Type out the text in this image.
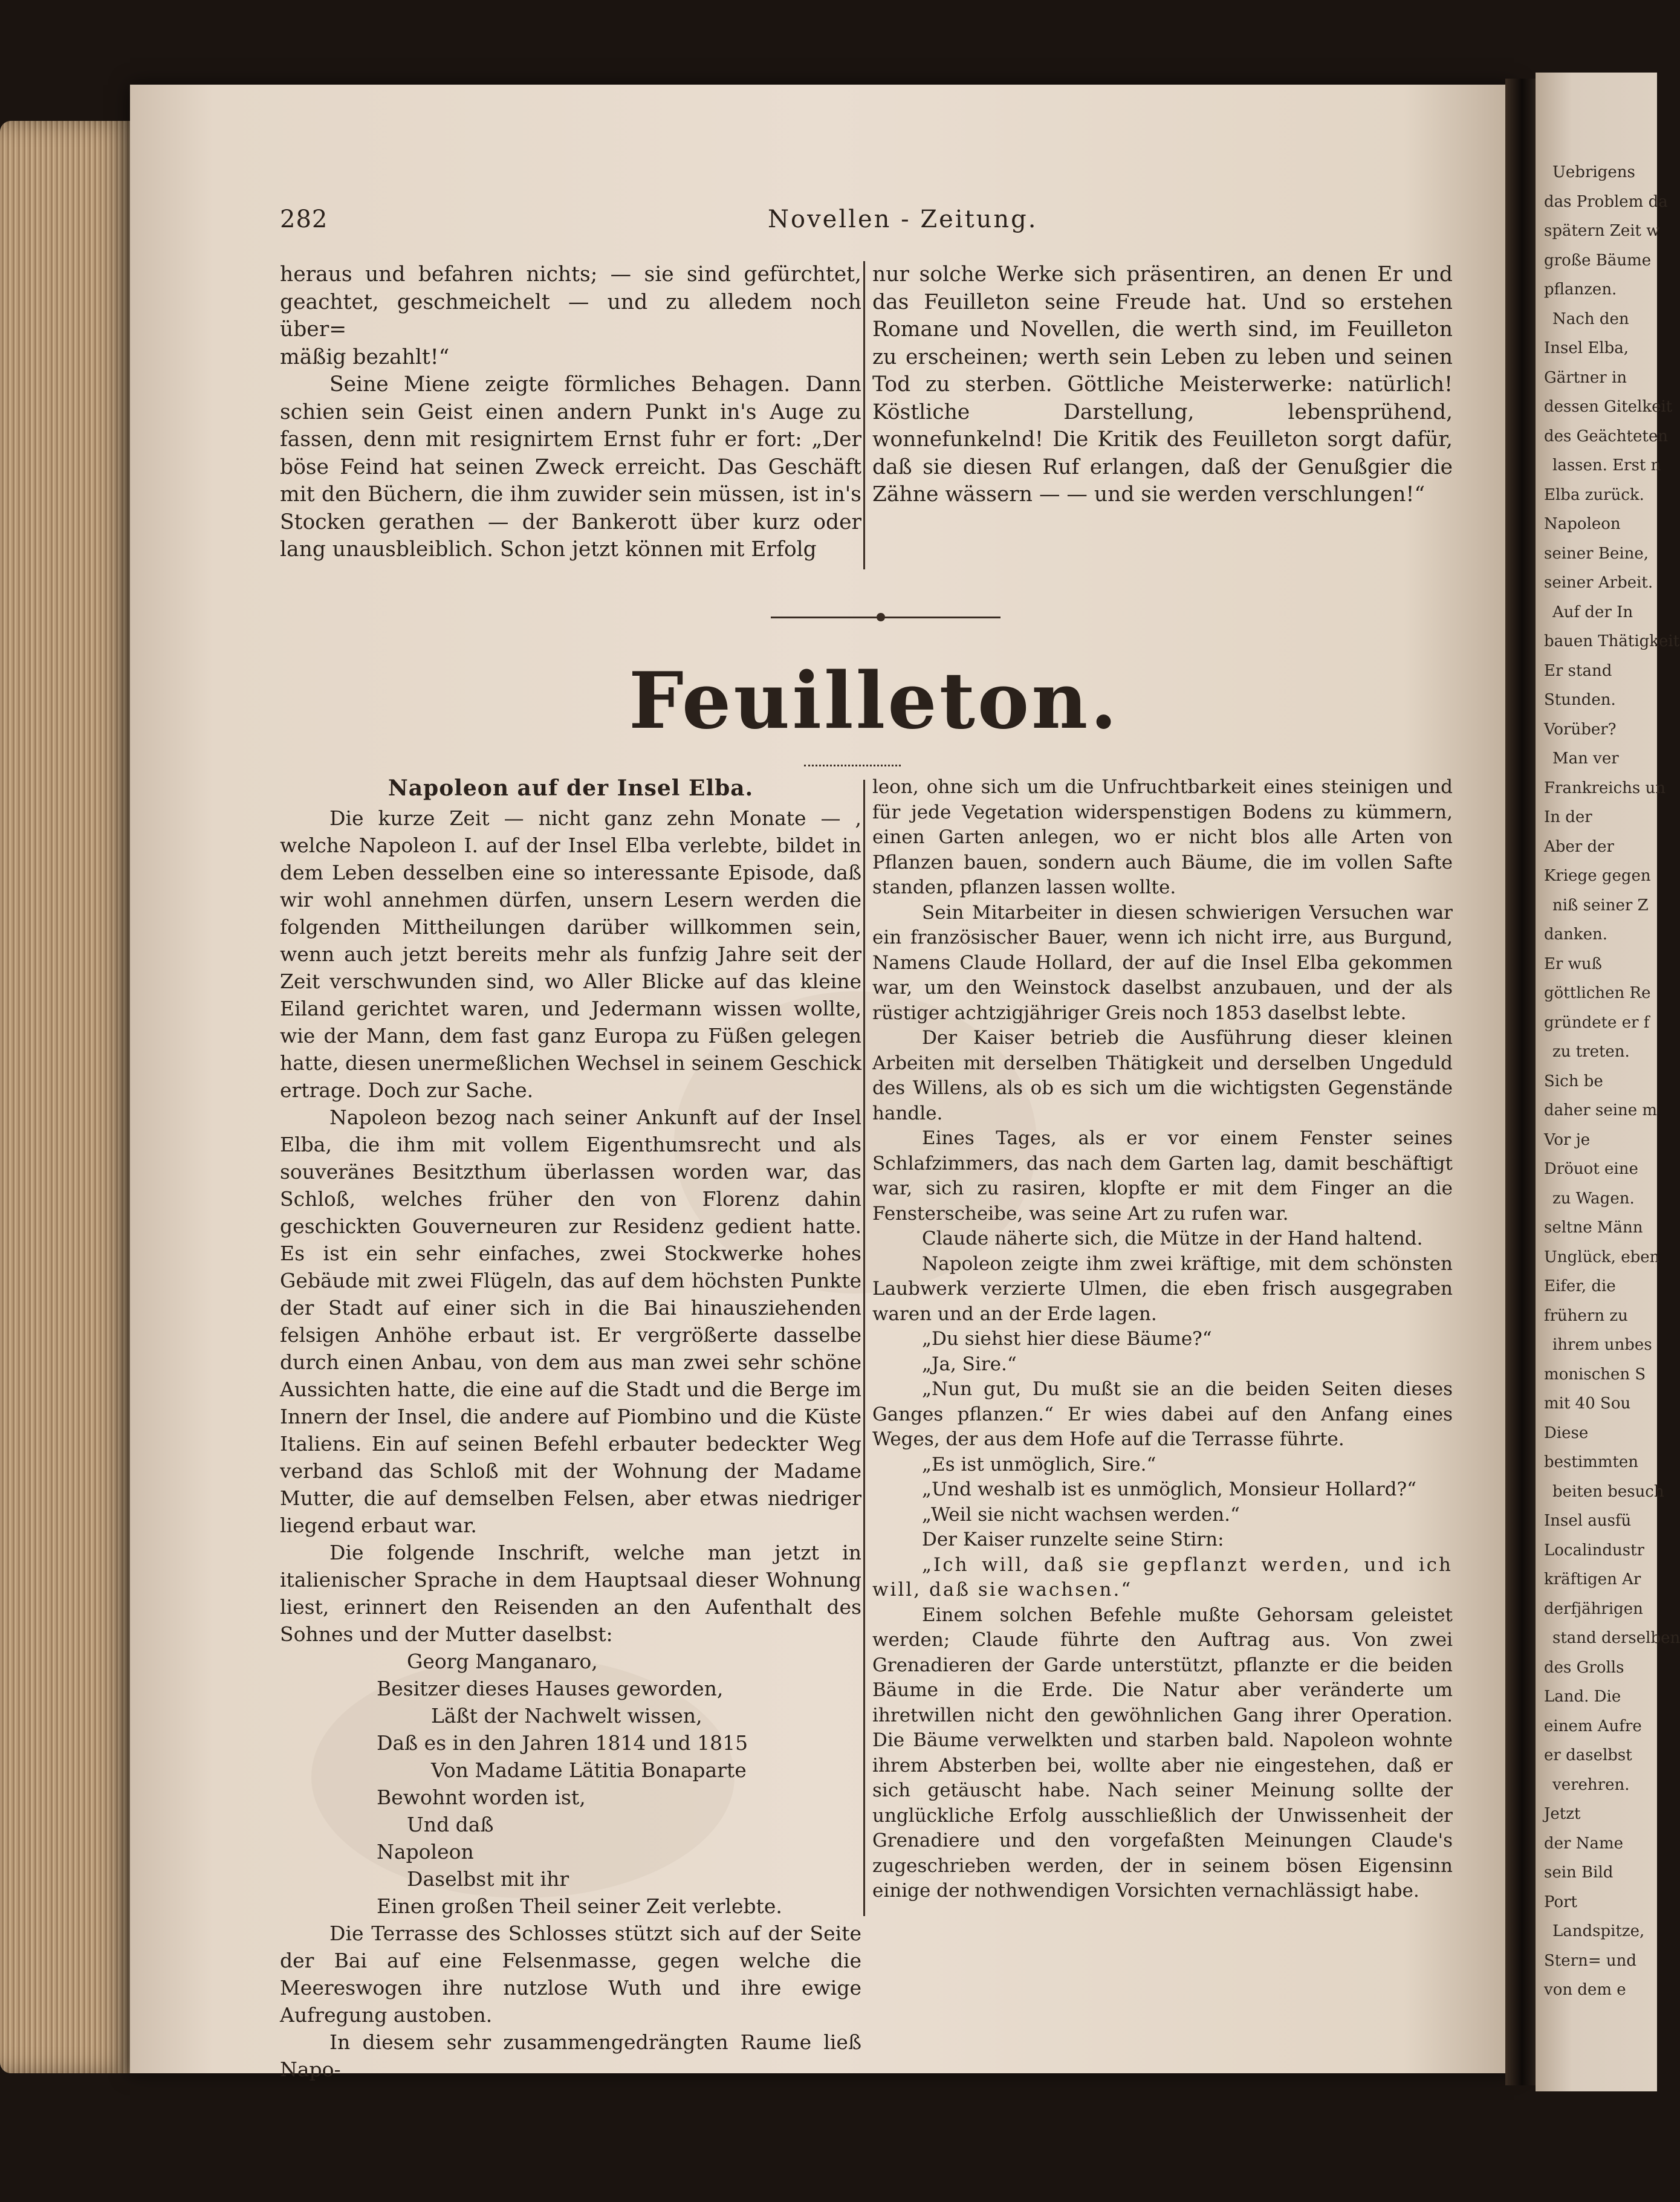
Uebrigens
das Problem da
spätern Zeit w
große Bäume
pflanzen.
Nach den
Insel Elba,
Gärtner in
dessen Gitelkeit
des Geächteten
lassen. Erst n
Elba zurück.
Napoleon
seiner Beine,
seiner Arbeit.
Auf der In
bauen Thätigkeit
Er stand
Stunden.
Vorüber?
Man ver
Frankreichs un
In der
Aber der
Kriege gegen
niß seiner Z
danken.
Er wuß
göttlichen Re
gründete er f
zu treten.
Sich be
daher seine m
Vor je
Dröuot eine
zu Wagen.
seltne Männ
Unglück, eben
Eifer, die
frühern zu
ihrem unbes
monischen S
mit 40 Sou
Diese
bestimmten
beiten besuch
Insel ausfü
Localindustr
kräftigen Ar
derfjährigen
stand derselben
des Grolls
Land. Die
einem Aufre
er daselbst
verehren.
Jetzt
der Name
sein Bild
Port
Landspitze,
Stern= und
von dem e
282	Novellen - Zeitung.

heraus und befahren nichts; — sie sind gefürchtet,

geachtet, geschmeichelt — und zu alledem noch über=

mäßig bezahlt!“

Seine Miene zeigte förmliches Behagen. Dann schien sein Geist einen andern Punkt in's Auge zu fassen, denn mit resignirtem Ernst fuhr er fort: „Der böse Feind hat seinen Zweck erreicht. Das Geschäft mit den Büchern, die ihm zuwider sein müssen, ist in's Stocken gerathen — der Bankerott über kurz oder lang unausbleiblich. Schon jetzt können mit Erfolg

nur solche Werke sich präsentiren, an denen Er und das Feuilleton seine Freude hat. Und so erstehen Romane und Novellen, die werth sind, im Feuilleton zu erscheinen; werth sein Leben zu leben und seinen Tod zu sterben. Göttliche Meisterwerke: natürlich! Köstliche Darstellung, lebensprühend, wonnefunkelnd! Die Kritik des Feuilleton sorgt dafür, daß sie diesen Ruf erlangen, daß der Genußgier die Zähne wässern — — und sie werden verschlungen!“

Feuilleton.

Napoleon auf der Insel Elba.

Die kurze Zeit — nicht ganz zehn Monate — , welche Napoleon I. auf der Insel Elba verlebte, bildet in dem Leben desselben eine so interessante Episode, daß wir wohl annehmen dürfen, unsern Lesern werden die folgenden Mittheilungen darüber willkommen sein, wenn auch jetzt bereits mehr als funfzig Jahre seit der Zeit verschwunden sind, wo Aller Blicke auf das kleine Eiland gerichtet waren, und Jedermann wissen wollte, wie der Mann, dem fast ganz Europa zu Füßen gelegen hatte, diesen unermeßlichen Wechsel in seinem Geschick ertrage. Doch zur Sache.

Napoleon bezog nach seiner Ankunft auf der Insel Elba, die ihm mit vollem Eigenthumsrecht und als souveränes Besitzthum überlassen worden war, das Schloß, welches früher den von Florenz dahin geschickten Gouverneuren zur Residenz gedient hatte. Es ist ein sehr einfaches, zwei Stockwerke hohes Gebäude mit zwei Flügeln, das auf dem höchsten Punkte der Stadt auf einer sich in die Bai hinausziehenden felsigen Anhöhe erbaut ist. Er vergrößerte dasselbe durch einen Anbau, von dem aus man zwei sehr schöne Aussichten hatte, die eine auf die Stadt und die Berge im Innern der Insel, die andere auf Piombino und die Küste Italiens. Ein auf seinen Befehl erbauter bedeckter Weg verband das Schloß mit der Wohnung der Madame Mutter, die auf demselben Felsen, aber etwas niedriger liegend erbaut war.

Die folgende Inschrift, welche man jetzt in italienischer Sprache in dem Hauptsaal dieser Wohnung liest, erinnert den Reisenden an den Aufenthalt des Sohnes und der Mutter daselbst:

Georg Manganaro,

Besitzer dieses Hauses geworden,

Läßt der Nachwelt wissen,

Daß es in den Jahren 1814 und 1815

Von Madame Lätitia Bonaparte

Bewohnt worden ist,

Und daß

Napoleon

Daselbst mit ihr

Einen großen Theil seiner Zeit verlebte.

Die Terrasse des Schlosses stützt sich auf der Seite der Bai auf eine Felsenmasse, gegen welche die Meereswogen ihre nutzlose Wuth und ihre ewige Aufregung austoben.

In diesem sehr zusammengedrängten Raume ließ Napo-

leon, ohne sich um die Unfruchtbarkeit eines steinigen und für jede Vegetation widerspenstigen Bodens zu kümmern, einen Garten anlegen, wo er nicht blos alle Arten von Pflanzen bauen, sondern auch Bäume, die im vollen Safte standen, pflanzen lassen wollte.

Sein Mitarbeiter in diesen schwierigen Versuchen war ein französischer Bauer, wenn ich nicht irre, aus Burgund, Namens Claude Hollard, der auf die Insel Elba gekommen war, um den Weinstock daselbst anzubauen, und der als rüstiger achtzigjähriger Greis noch 1853 daselbst lebte.

Der Kaiser betrieb die Ausführung dieser kleinen Arbeiten mit derselben Thätigkeit und derselben Ungeduld des Willens, als ob es sich um die wichtigsten Gegenstände handle.

Eines Tages, als er vor einem Fenster seines Schlafzimmers, das nach dem Garten lag, damit beschäftigt war, sich zu rasiren, klopfte er mit dem Finger an die Fensterscheibe, was seine Art zu rufen war.

Claude näherte sich, die Mütze in der Hand haltend.

Napoleon zeigte ihm zwei kräftige, mit dem schönsten Laubwerk verzierte Ulmen, die eben frisch ausgegraben waren und an der Erde lagen.

„Du siehst hier diese Bäume?“

„Ja, Sire.“

„Nun gut, Du mußt sie an die beiden Seiten dieses Ganges pflanzen.“ Er wies dabei auf den Anfang eines Weges, der aus dem Hofe auf die Terrasse führte.

„Es ist unmöglich, Sire.“

„Und weshalb ist es unmöglich, Monsieur Hollard?“

„Weil sie nicht wachsen werden.“

Der Kaiser runzelte seine Stirn:

„Ich will, daß sie gepflanzt werden, und ich will, daß sie wachsen.“

Einem solchen Befehle mußte Gehorsam geleistet werden; Claude führte den Auftrag aus. Von zwei Grenadieren der Garde unterstützt, pflanzte er die beiden Bäume in die Erde. Die Natur aber veränderte um ihretwillen nicht den gewöhnlichen Gang ihrer Operation. Die Bäume verwelkten und starben bald. Napoleon wohnte ihrem Absterben bei, wollte aber nie eingestehen, daß er sich getäuscht habe. Nach seiner Meinung sollte der unglückliche Erfolg ausschließlich der Unwissenheit der Grenadiere und den vorgefaßten Meinungen Claude's zugeschrieben werden, der in seinem bösen Eigensinn einige der nothwendigen Vorsichten vernachlässigt habe.
